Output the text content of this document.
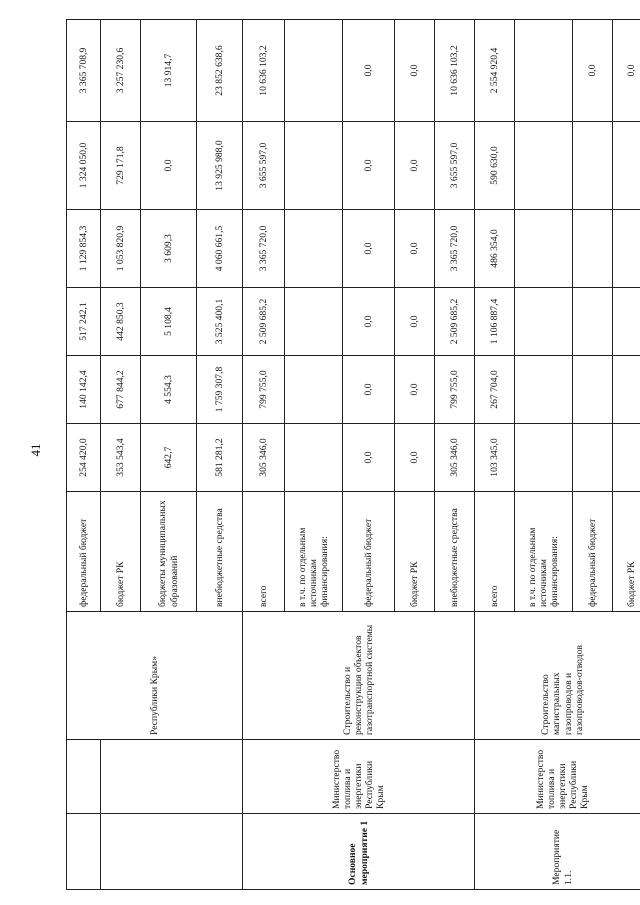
41
		Республики Крым»	федеральный бюджет	254 420,0	140 142,4	517 242,1	1 129 854,3	1 324 050,0	3 365 708,9
			бюджет РК	353 543,4	677 844,2	442 850,3	1 053 820,9	729 171,8	3 257 230,6
			бюджеты муниципальных образований	642,7	4 554,3	5 108,4	3 609,3	0,0	13 914,7
			внебюджетные средства	581 281,2	1 759 307,8	3 525 400,1	4 060 661,5	13 925 988,0	23 852 638,6
Основное мероприятие 1	Министерство топлива и энергетики Республики Крым	Строительство и реконструкция объектов газотранспортной системы	всего	305 346,0	799 755,0	2 509 685,2	3 365 720,0	3 655 597,0	10 636 103,2
			в т.ч. по отдельным источникам финансирования:						
			федеральный бюджет	0,0	0,0	0,0	0,0	0,0	0,0
			бюджет РК	0,0	0,0	0,0	0,0	0,0	0,0
			внебюджетные средства	305 346,0	799 755,0	2 509 685,2	3 365 720,0	3 655 597,0	10 636 103,2
Мероприятие 1.1.	Министерство топлива и энергетики Республики Крым	Строительство магистральных газопроводов и газопроводов-отводов	всего	103 345,0	267 704,0	1 106 887,4	486 354,0	590 630,0	2 554 920,4
			в т.ч. по отдельным источникам финансирования:						
			федеральный бюджет						0,0
			бюджет РК						0,0
